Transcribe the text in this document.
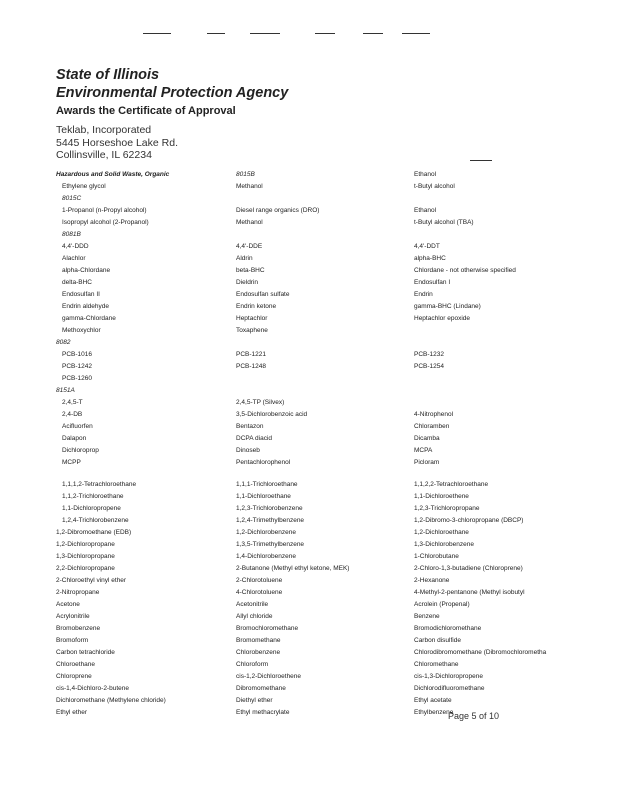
State of Illinois
Environmental Protection Agency
Awards the Certificate of Approval
Teklab, Incorporated
5445 Horseshoe Lake Rd.
Collinsville, IL 62234
Hazardous and Solid Waste, Organic	8015B	Ethanol
Ethylene glycol	Methanol	t-Butyl alcohol
8015C
1-Propanol (n-Propyl alcohol)	Diesel range organics (DRO)	Ethanol
Isopropyl alcohol (2-Propanol)	Methanol	t-Butyl alcohol (TBA)
8081B
4,4'-DDD	4,4'-DDE	4,4'-DDT
Alachlor	Aldrin	alpha-BHC
alpha-Chlordane	beta-BHC	Chlordane - not otherwise specified
delta-BHC	Dieldrin	Endosulfan I
Endosulfan II	Endosulfan sulfate	Endrin
Endrin aldehyde	Endrin ketone	gamma-BHC (Lindane)
gamma-Chlordane	Heptachlor	Heptachlor epoxide
Methoxychlor	Toxaphene
8082
PCB-1016	PCB-1221	PCB-1232
PCB-1242	PCB-1248	PCB-1254
PCB-1260
8151A
2,4,5-T	2,4,5-TP (Silvex)
2,4-DB	3,5-Dichlorobenzoic acid	4-Nitrophenol
Acifluorfen	Bentazon	Chloramben
Dalapon	DCPA diacid	Dicamba
Dichloroprop	Dinoseb	MCPA
MCPP	Pentachlorophenol	Picloram
1,1,1,2-Tetrachloroethane	1,1,1-Trichloroethane	1,1,2,2-Tetrachloroethane
1,1,2-Trichloroethane	1,1-Dichloroethane	1,1-Dichloroethene
1,1-Dichloropropene	1,2,3-Trichlorobenzene	1,2,3-Trichloropropane
1,2,4-Trichlorobenzene	1,2,4-Trimethylbenzene	1,2-Dibromo-3-chloropropane (DBCP)
1,2-Dibromoethane (EDB)	1,2-Dichlorobenzene	1,2-Dichloroethane
1,2-Dichloropropane	1,3,5-Trimethylbenzene	1,3-Dichlorobenzene
1,3-Dichloropropane	1,4-Dichlorobenzene	1-Chlorobutane
2,2-Dichloropropane	2-Butanone (Methyl ethyl ketone, MEK)	2-Chloro-1,3-butadiene (Chloroprene)
2-Chloroethyl vinyl ether	2-Chlorotoluene	2-Hexanone
2-Nitropropane	4-Chlorotoluene	4-Methyl-2-pentanone (Methyl isobutyl
Acetone	Acetonitrile	Acrolein (Propenal)
Acrylonitrile	Allyl chloride	Benzene
Bromobenzene	Bromochloromethane	Bromodichloromethane
Bromoform	Bromomethane	Carbon disulfide
Carbon tetrachloride	Chlorobenzene	Chlorodibromomethane (Dibromochlorometha
Chloroethane	Chloroform	Chloromethane
Chloroprene	cis-1,2-Dichloroethene	cis-1,3-Dichloropropene
cis-1,4-Dichloro-2-butene	Dibromomethane	Dichlorodifluoromethane
Dichloromethane (Methylene chloride)	Diethyl ether	Ethyl acetate
Ethyl ether	Ethyl methacrylate	Ethylbenzene
Page 5 of 10
